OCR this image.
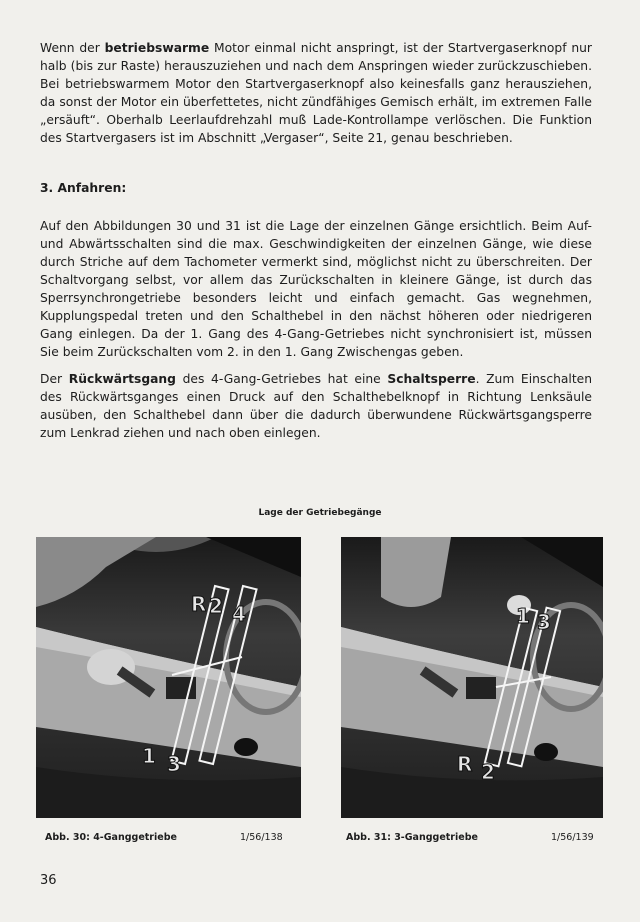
Wenn der betriebswarme Motor einmal nicht anspringt, ist der Startvergaserknopf nur halb (bis zur Raste) herauszuziehen und nach dem Anspringen wieder zurückzuschieben. Bei betriebswarmem Motor den Startvergaserknopf also keinesfalls ganz herausziehen, da sonst der Motor ein überfettetes, nicht zündfähiges Gemisch erhält, im extremen Falle „ersäuft“. Oberhalb Leerlaufdrehzahl muß Lade-Kontrollampe verlöschen. Die Funktion des Startvergasers ist im Abschnitt „Vergaser“, Seite 21, genau beschrieben.

3. Anfahren:

Auf den Abbildungen 30 und 31 ist die Lage der einzelnen Gänge ersichtlich. Beim Auf- und Abwärtsschalten sind die max. Geschwindigkeiten der einzelnen Gänge, wie diese durch Striche auf dem Tachometer vermerkt sind, möglichst nicht zu überschreiten. Der Schaltvorgang selbst, vor allem das Zurückschalten in kleinere Gänge, ist durch das Sperrsynchrongetriebe besonders leicht und einfach gemacht. Gas wegnehmen, Kupplungspedal treten und den Schalthebel in den nächst höheren oder niedrigeren Gang einlegen. Da der 1. Gang des 4-Gang-Getriebes nicht synchronisiert ist, müssen Sie beim Zurückschalten vom 2. in den 1. Gang Zwischengas geben.

Der Rückwärtsgang des 4-Gang-Getriebes hat eine Schaltsperre. Zum Einschalten des Rückwärtsganges einen Druck auf den Schalthebelknopf in Richtung Lenksäule ausüben, den Schalthebel dann über die dadurch überwundene Rückwärtsgangsperre zum Lenkrad ziehen und nach oben einlegen.

Lage der Getriebegänge

R 2 4
1 3
1 3
R 2

Abb. 30: 4-Ganggetriebe	1/56/138	Abb. 31: 3-Ganggetriebe	1/56/139

36
